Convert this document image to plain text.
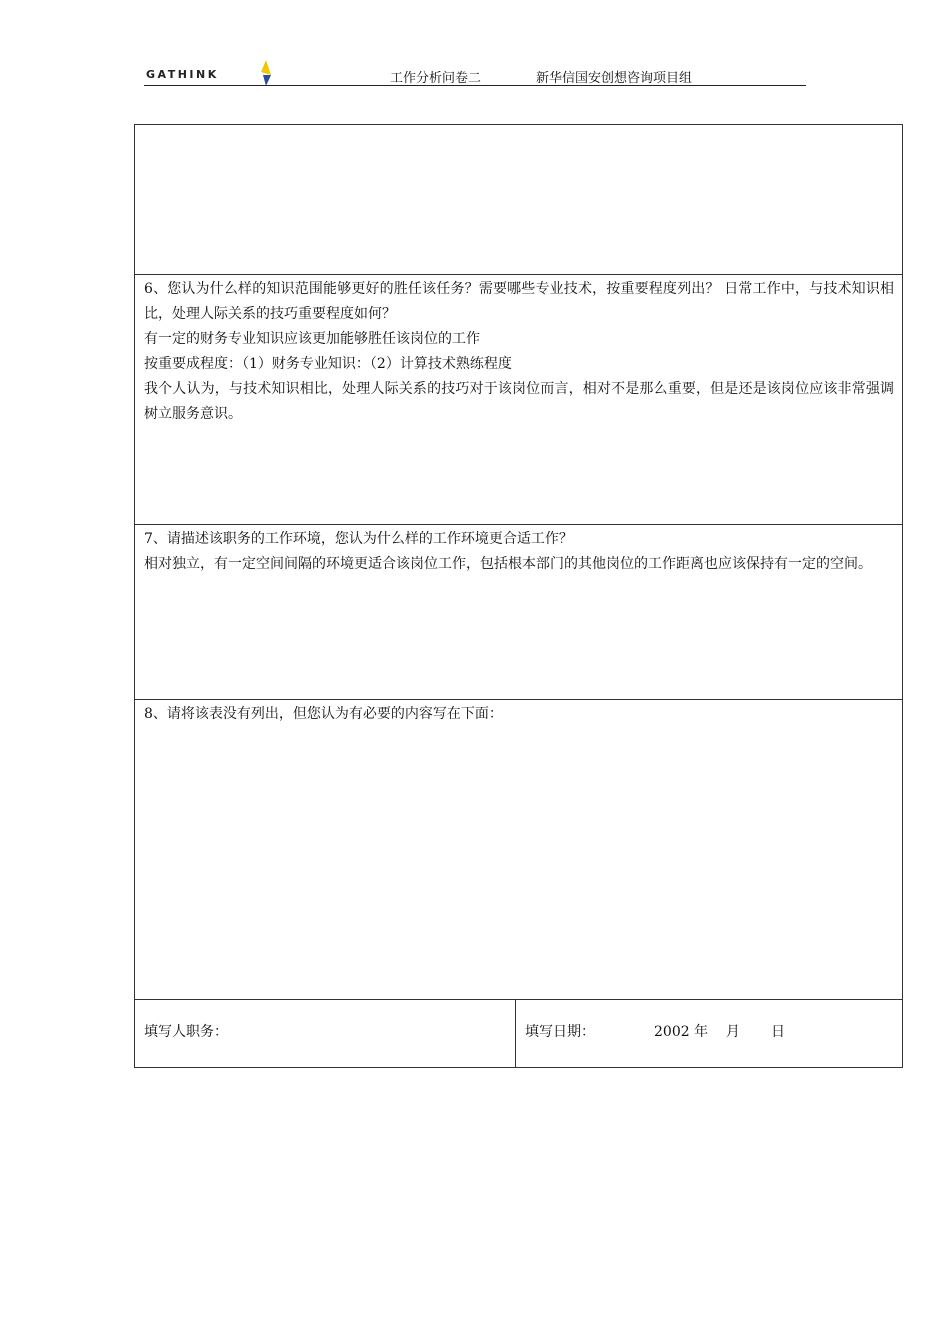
GATHINK	工作分析问卷二	新华信国安创想咨询项目组

6、您认为什么样的知识范围能够更好的胜任该任务？需要哪些专业技术，按重要程度列出？ 日常工作中，与技术知识相比，处理人际关系的技巧重要程度如何？

有一定的财务专业知识应该更加能够胜任该岗位的工作

按重要成程度：（1）财务专业知识：（2）计算技术熟练程度

我个人认为，与技术知识相比，处理人际关系的技巧对于该岗位而言，相对不是那么重要，但是还是该岗位应该非常强调树立服务意识。

7、请描述该职务的工作环境，您认为什么样的工作环境更合适工作？

相对独立，有一定空间间隔的环境更适合该岗位工作，包括根本部门的其他岗位的工作距离也应该保持有一定的空间。

8、请将该表没有列出，但您认为有必要的内容写在下面：

填写人职务：	填写日期：	2002 年    月       日
